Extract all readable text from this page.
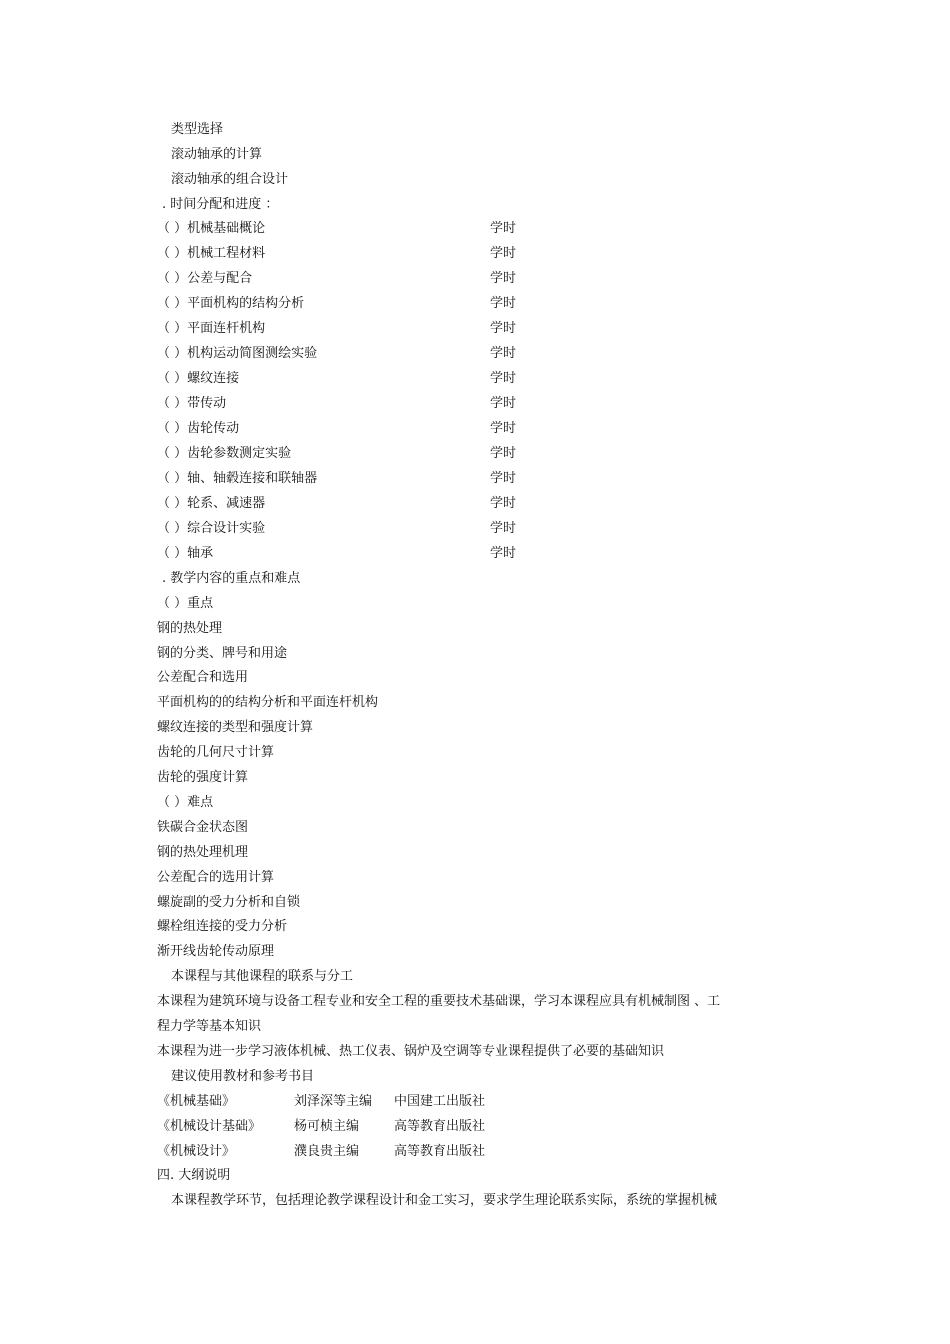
类型选择
滚动轴承的计算
滚动轴承的组合设计
. 时间分配和进度 ：
（ ）机械基础概论	学时
（ ）机械工程材料	学时
（ ）公差与配合	学时
（ ）平面机构的结构分析	学时
（ ）平面连杆机构	学时
（ ）机构运动简图测绘实验	学时
（ ）螺纹连接	学时
（ ）带传动	学时
（ ）齿轮传动	学时
（ ）齿轮参数测定实验	学时
（ ）轴、轴毂连接和联轴器	学时
（ ）轮系、减速器	学时
（ ）综合设计实验	学时
（ ）轴承	学时
. 教学内容的重点和难点
（ ）重点
钢的热处理
钢的分类、牌号和用途
公差配合和选用
平面机构的的结构分析和平面连杆机构
螺纹连接的类型和强度计算
齿轮的几何尺寸计算
齿轮的强度计算
（ ）难点
铁碳合金状态图
钢的热处理机理
公差配合的选用计算
螺旋副的受力分析和自锁
螺栓组连接的受力分析
渐开线齿轮传动原理
本课程与其他课程的联系与分工
本课程为建筑环境与设备工程专业和安全工程的重要技术基础课，学习本课程应具有机械制图 、工
程力学等基本知识
本课程为进一步学习液体机械、热工仪表、锅炉及空调等专业课程提供了必要的基础知识
建议使用教材和参考书目
《机械基础》	刘泽深等主编 中国建工出版社
《机械设计基础》	杨可桢主编	高等教育出版社
《机械设计》	濮良贵主编	高等教育出版社
四. 大纲说明
本课程教学环节，包括理论教学课程设计和金工实习，要求学生理论联系实际，系统的掌握机械
